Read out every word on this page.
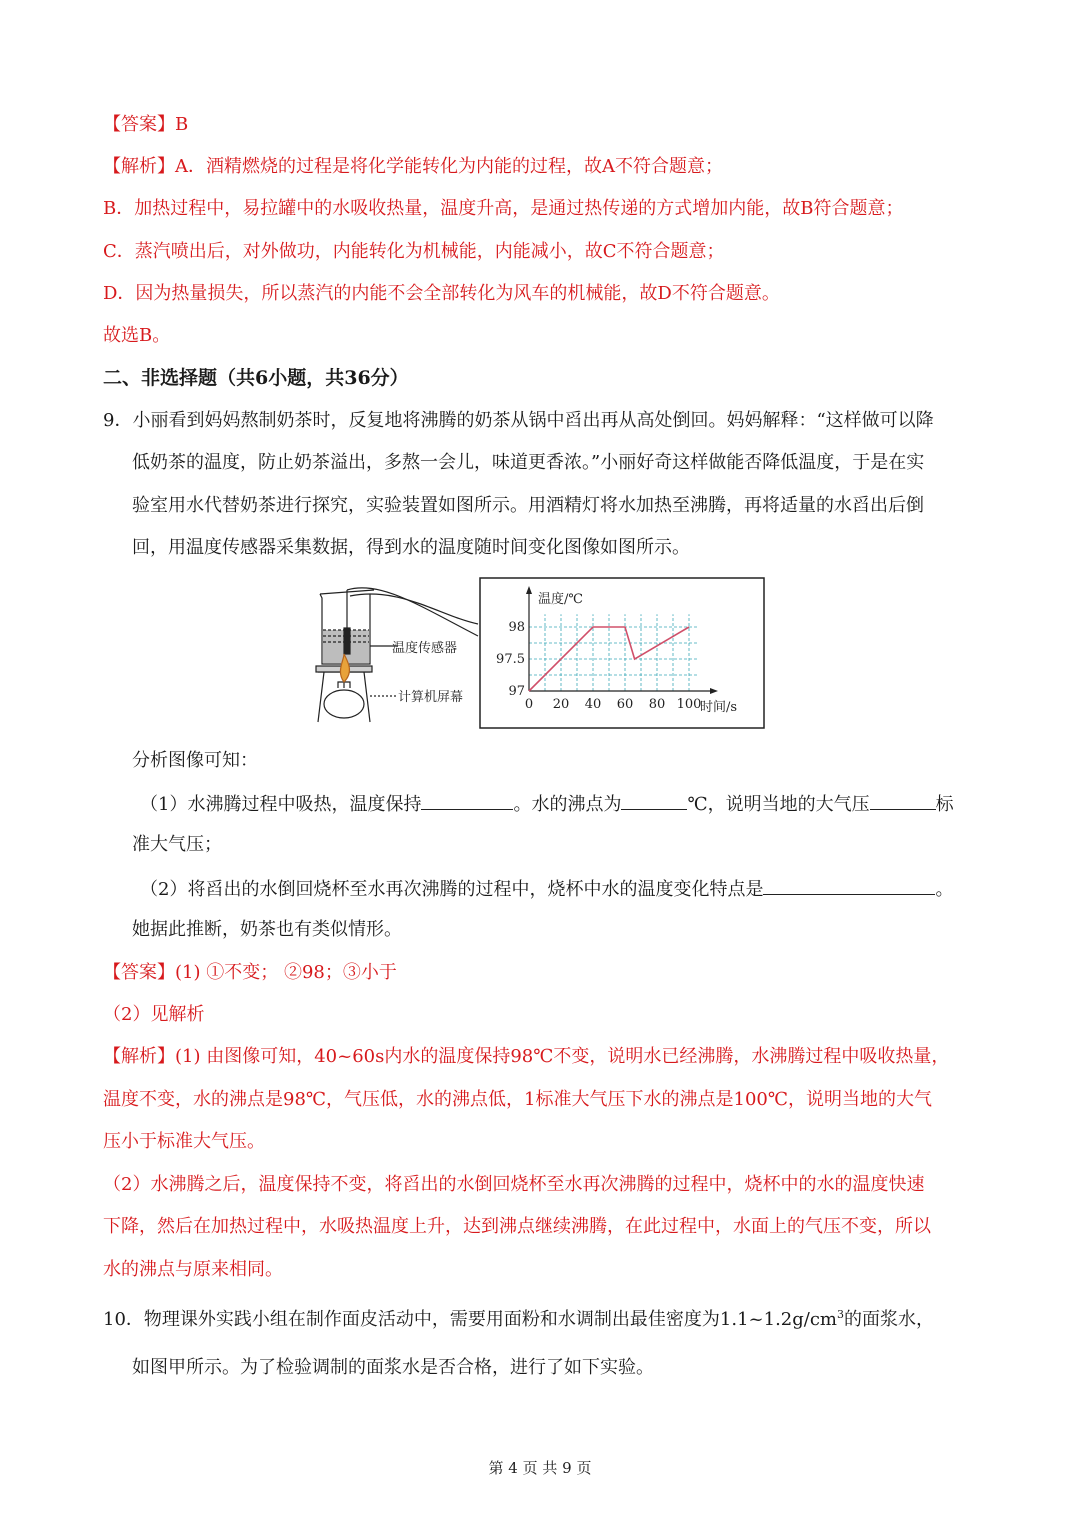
【答案】B
【解析】A．酒精燃烧的过程是将化学能转化为内能的过程，故A不符合题意；
B．加热过程中，易拉罐中的水吸收热量，温度升高，是通过热传递的方式增加内能，故B符合题意；
C．蒸汽喷出后，对外做功，内能转化为机械能，内能减小，故C不符合题意；
D．因为热量损失，所以蒸汽的内能不会全部转化为风车的机械能，故D不符合题意。
故选B。
二、非选择题（共6小题，共36分）
9．小丽看到妈妈熬制奶茶时，反复地将沸腾的奶茶从锅中舀出再从高处倒回。妈妈解释：“这样做可以降
低奶茶的温度，防止奶茶溢出，多熬一会儿，味道更香浓。”小丽好奇这样做能否降低温度，于是在实
验室用水代替奶茶进行探究，实验装置如图所示。用酒精灯将水加热至沸腾，再将适量的水舀出后倒
回，用温度传感器采集数据，得到水的温度随时间变化图像如图所示。
温度传感器
计算机屏幕
温度/℃
时间/s
0 20 40 60 80 100
97
97.5
98
分析图像可知：
（1）水沸腾过程中吸热，温度保持	。水的沸点为	℃，说明当地的大气压	标
准大气压；
（2）将舀出的水倒回烧杯至水再次沸腾的过程中，烧杯中水的温度变化特点是	。
她据此推断，奶茶也有类似情形。
【答案】(1) ①不变； ②98；③小于
（2）见解析
【解析】(1) 由图像可知，40~60s内水的温度保持98℃不变，说明水已经沸腾，水沸腾过程中吸收热量，
温度不变，水的沸点是98℃，气压低，水的沸点低，1标准大气压下水的沸点是100℃，说明当地的大气
压小于标准大气压。
（2）水沸腾之后，温度保持不变，将舀出的水倒回烧杯至水再次沸腾的过程中，烧杯中的水的温度快速
下降，然后在加热过程中，水吸热温度上升，达到沸点继续沸腾，在此过程中，水面上的气压不变，所以
水的沸点与原来相同。
10．物理课外实践小组在制作面皮活动中，需要用面粉和水调制出最佳密度为$1.1\sim 1.2g/cm^3$的面浆水，
如图甲所示。为了检验调制的面浆水是否合格，进行了如下实验。
第 4 页 共 9 页
